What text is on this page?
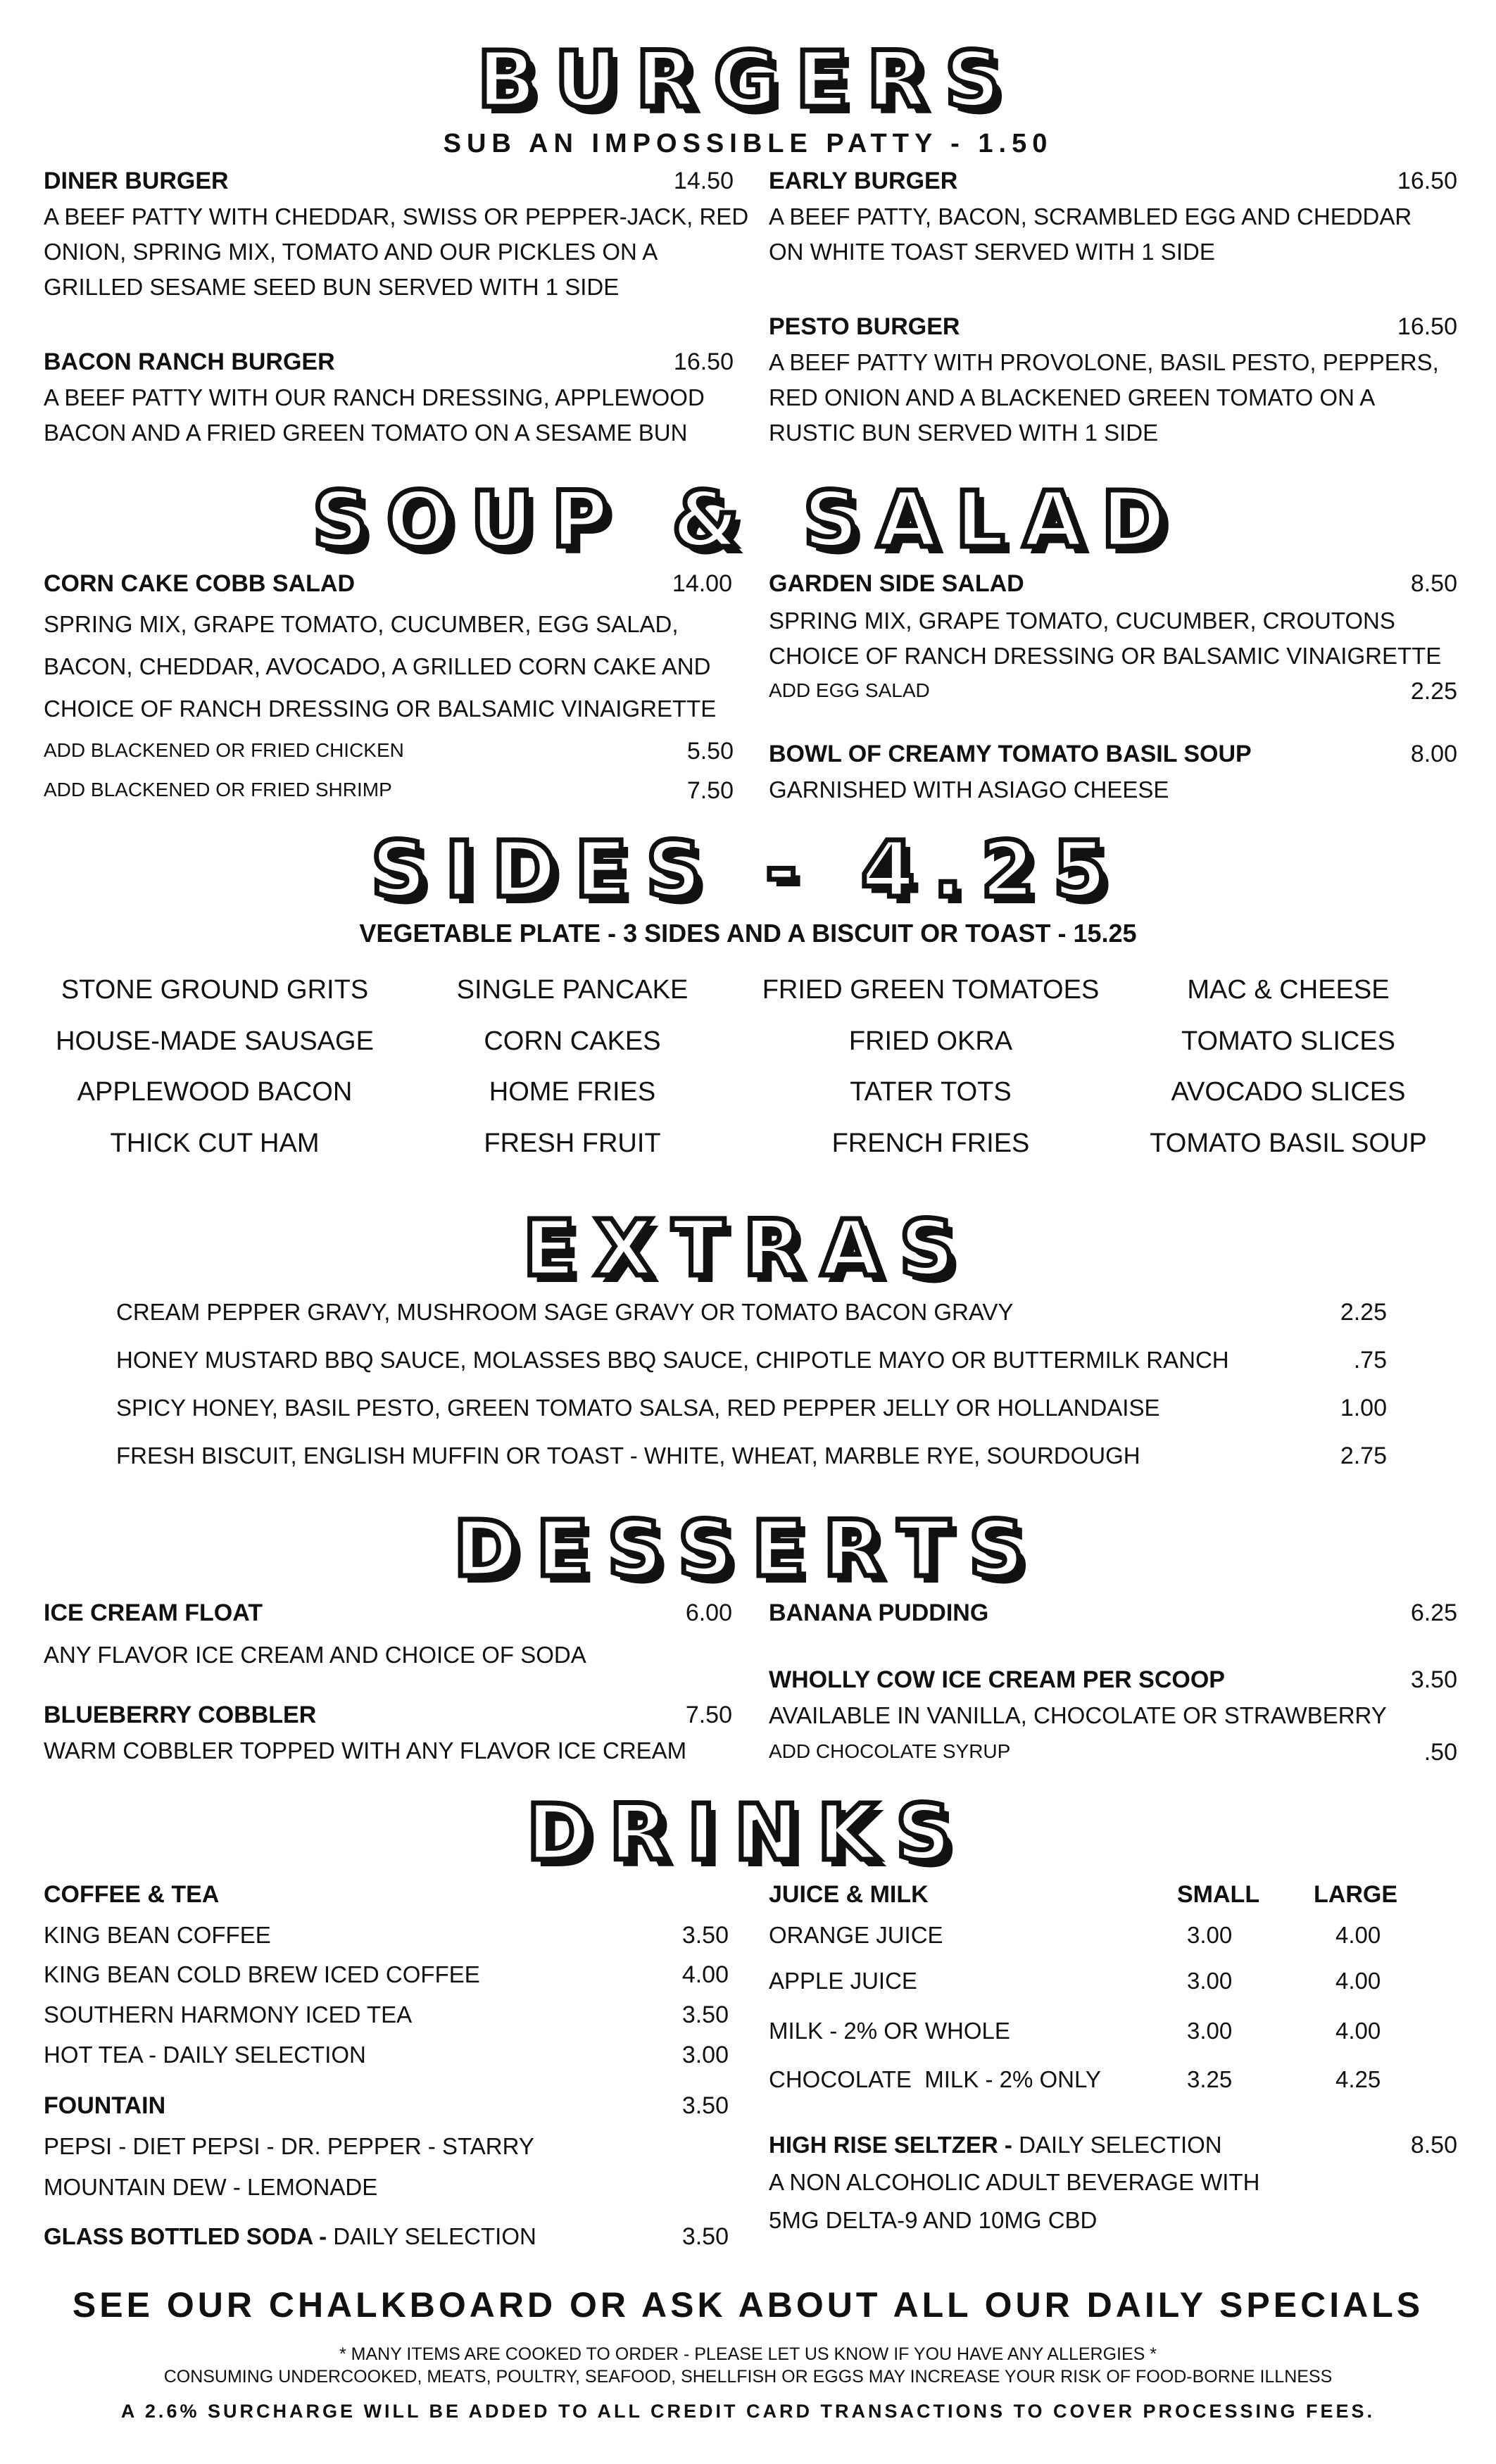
BURGERS
SUB AN IMPOSSIBLE PATTY - 1.50
DINER BURGER	14.50
A BEEF PATTY WITH CHEDDAR, SWISS OR PEPPER-JACK, RED
ONION, SPRING MIX, TOMATO AND OUR PICKLES ON A
GRILLED SESAME SEED BUN SERVED WITH 1 SIDE
BACON RANCH BURGER	16.50
A BEEF PATTY WITH OUR RANCH DRESSING, APPLEWOOD
BACON AND A FRIED GREEN TOMATO ON A SESAME BUN
EARLY BURGER	16.50
A BEEF PATTY, BACON, SCRAMBLED EGG AND CHEDDAR
ON WHITE TOAST SERVED WITH 1 SIDE
PESTO BURGER	16.50
A BEEF PATTY WITH PROVOLONE, BASIL PESTO, PEPPERS,
RED ONION AND A BLACKENED GREEN TOMATO ON A
RUSTIC BUN SERVED WITH 1 SIDE
SOUP & SALAD
CORN CAKE COBB SALAD	14.00
SPRING MIX, GRAPE TOMATO, CUCUMBER, EGG SALAD,
BACON, CHEDDAR, AVOCADO, A GRILLED CORN CAKE AND
CHOICE OF RANCH DRESSING OR BALSAMIC VINAIGRETTE
ADD BLACKENED OR FRIED CHICKEN	5.50
ADD BLACKENED OR FRIED SHRIMP	7.50
GARDEN SIDE SALAD	8.50
SPRING MIX, GRAPE TOMATO, CUCUMBER, CROUTONS
CHOICE OF RANCH DRESSING OR BALSAMIC VINAIGRETTE
ADD EGG SALAD	2.25
BOWL OF CREAMY TOMATO BASIL SOUP	8.00
GARNISHED WITH ASIAGO CHEESE
SIDES - 4.25
VEGETABLE PLATE - 3 SIDES AND A BISCUIT OR TOAST - 15.25
STONE GROUND GRITS	SINGLE PANCAKE	FRIED GREEN TOMATOES	MAC & CHEESE
HOUSE-MADE SAUSAGE	CORN CAKES	FRIED OKRA	TOMATO SLICES
APPLEWOOD BACON	HOME FRIES	TATER TOTS	AVOCADO SLICES
THICK CUT HAM	FRESH FRUIT	FRENCH FRIES	TOMATO BASIL SOUP
EXTRAS
CREAM PEPPER GRAVY, MUSHROOM SAGE GRAVY OR TOMATO BACON GRAVY	2.25
HONEY MUSTARD BBQ SAUCE, MOLASSES BBQ SAUCE, CHIPOTLE MAYO OR BUTTERMILK RANCH	.75
SPICY HONEY, BASIL PESTO, GREEN TOMATO SALSA, RED PEPPER JELLY OR HOLLANDAISE	1.00
FRESH BISCUIT, ENGLISH MUFFIN OR TOAST - WHITE, WHEAT, MARBLE RYE, SOURDOUGH	2.75
DESSERTS
ICE CREAM FLOAT	6.00
ANY FLAVOR ICE CREAM AND CHOICE OF SODA
BLUEBERRY COBBLER	7.50
WARM COBBLER TOPPED WITH ANY FLAVOR ICE CREAM
BANANA PUDDING	6.25
WHOLLY COW ICE CREAM PER SCOOP	3.50
AVAILABLE IN VANILLA, CHOCOLATE OR STRAWBERRY
ADD CHOCOLATE SYRUP	.50
DRINKS
COFFEE & TEA
KING BEAN COFFEE	3.50
KING BEAN COLD BREW ICED COFFEE	4.00
SOUTHERN HARMONY ICED TEA	3.50
HOT TEA - DAILY SELECTION	3.00
FOUNTAIN	3.50
PEPSI - DIET PEPSI - DR. PEPPER - STARRY
MOUNTAIN DEW - LEMONADE
GLASS BOTTLED SODA - DAILY SELECTION	3.50
JUICE & MILK	SMALL LARGE
ORANGE JUICE	3.00	4.00
APPLE JUICE	3.00	4.00
MILK - 2% OR WHOLE	3.00	4.00
CHOCOLATE  MILK - 2% ONLY	3.25	4.25
HIGH RISE SELTZER - DAILY SELECTION	8.50
A NON ALCOHOLIC ADULT BEVERAGE WITH
5MG DELTA-9 AND 10MG CBD
SEE OUR CHALKBOARD OR ASK ABOUT ALL OUR DAILY SPECIALS
* MANY ITEMS ARE COOKED TO ORDER - PLEASE LET US KNOW IF YOU HAVE ANY ALLERGIES *
CONSUMING UNDERCOOKED, MEATS, POULTRY, SEAFOOD, SHELLFISH OR EGGS MAY INCREASE YOUR RISK OF FOOD-BORNE ILLNESS
A 2.6% SURCHARGE WILL BE ADDED TO ALL CREDIT CARD TRANSACTIONS TO COVER PROCESSING FEES.
